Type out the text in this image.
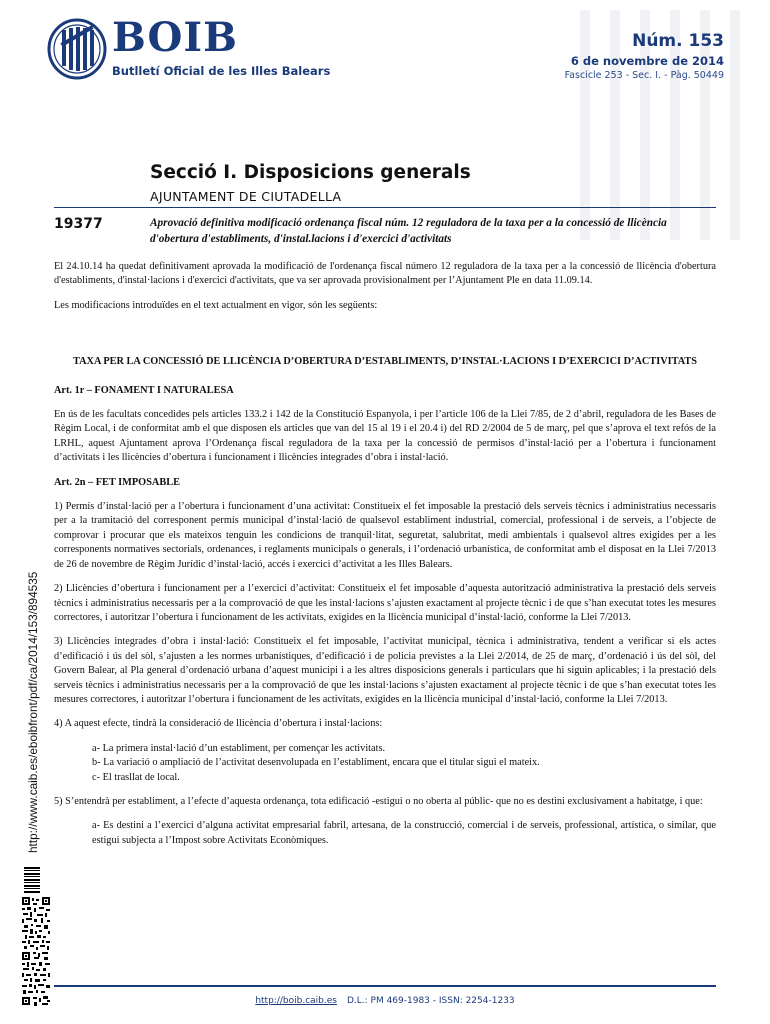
BOIB
Butlletí Oficial de les Illes Balears
Núm. 153
6 de novembre de 2014
Fascicle 253 - Sec. I. - Pàg. 50449
Secció I. Disposicions generals
AJUNTAMENT DE CIUTADELLA
19377	Aprovació definitiva modificació ordenança fiscal núm. 12 reguladora de la taxa per a la concessió de llicència d'obertura d'establiments, d'instal.lacions i d'exercici d'activitats

El 24.10.14 ha quedat definitivament aprovada la modificació de l'ordenança fiscal número 12 reguladora de la taxa per a la concessió de llicència d'obertura d'establiments, d'instal·lacions i d'exercici d'activitats, que va ser aprovada provisionalment per l’Ajuntament Ple en data 11.09.14.

Les modificacions introduïdes en el text actualment en vigor, són les següents:

TAXA PER LA CONCESSIÓ DE LLICÈNCIA D’OBERTURA D’ESTABLIMENTS, D’INSTAL·LACIONS I D’EXERCICI D’ACTIVITATS

Art. 1r – FONAMENT I NATURALESA

En ús de les facultats concedides pels articles 133.2 i 142 de la Constitució Espanyola, i per l’article 106 de la Llei 7/85, de 2 d’abril, reguladora de les Bases de Règim Local, i de conformitat amb el que disposen els articles que van del 15 al 19 i el 20.4 i) del RD 2/2004 de 5 de març, pel que s’aprova el text refós de la LRHL, aquest Ajuntament aprova l’Ordenança fiscal reguladora de la taxa per la concessió de permisos d’instal·lació per a l’obertura i funcionament d’activitats i les llicències d’obertura i funcionament i llicències integrades d’obra i instal·lació.

Art. 2n – FET IMPOSABLE

1) Permís d’instal·lació per a l’obertura i funcionament d’una activitat: Constitueix el fet imposable la prestació dels serveis tècnics i administratius necessaris per a la tramitació del corresponent permís municipal d’instal·lació de qualsevol establiment industrial, comercial, professional i de serveis, a l’objecte de comprovar i procurar que els mateixos tenguin les condicions de tranquil·litat, seguretat, salubritat, medi ambientals i qualsevol altres exigides per a les corresponents normatives sectorials, ordenances, i reglaments municipals o generals, i l’ordenació urbanística, de conformitat amb el disposat en la Llei 7/2013 de 26 de novembre de Règim Jurídic d’instal·lació, accés i exercici d’activitat a les Illes Balears.

2) Llicències d’obertura i funcionament per a l’exercici d’activitat: Constitueix el fet imposable d’aquesta autorització administrativa la prestació dels serveis tècnics i administratius necessaris per a la comprovació de que les instal·lacions s’ajusten exactament al projecte tècnic i de que s’han executat totes les mesures correctores, i autoritzar l’obertura i funcionament de les activitats, exigides en la llicència municipal d’instal·lació, conforme la Llei 7/2013.

3) Llicències integrades d’obra i instal·lació: Constitueix el fet imposable, l’activitat municipal, tècnica i administrativa, tendent a verificar si els actes d’edificació i ús del sòl, s’ajusten a les normes urbanístiques, d’edificació i de policia previstes a la Llei 2/2014, de 25 de març, d’ordenació i ús del sòl, del Govern Balear, al Pla general d’ordenació urbana d’aquest municipi i a les altres disposicions generals i particulars que hi siguin aplicables; i la prestació dels serveis tècnics i administratius necessaris per a la comprovació de que les instal·lacions s’ajusten exactament al projecte tècnic i de que s’han executat totes les mesures correctores, i autoritzar l’obertura i funcionament de les activitats, exigides en la llicència municipal d’instal·lació, conforme la Llei 7/2013.

4) A aquest efecte, tindrà la consideració de llicència d’obertura i instal·lacions:

a- La primera instal·lació d’un establiment, per començar les activitats.
b- La variació o ampliació de l’activitat desenvolupada en l’establiment, encara que el titular sigui el mateix.
c- El trasllat de local.

5) S’entendrà per establiment, a l’efecte d’aquesta ordenança, tota edificació -estigui o no oberta al públic- que no es destini exclusivament a habitatge, i que:

a- Es destini a l’exercici d’alguna activitat empresarial fabril, artesana, de la construcció, comercial i de serveis, professional, artística, o similar, que estigui subjecta a l’Impost sobre Activitats Econòmiques.
http://www.caib.es/eboibfront/pdf/ca/2014/153/894535
http://boib.caib.es D.L.: PM 469-1983 - ISSN: 2254-1233
